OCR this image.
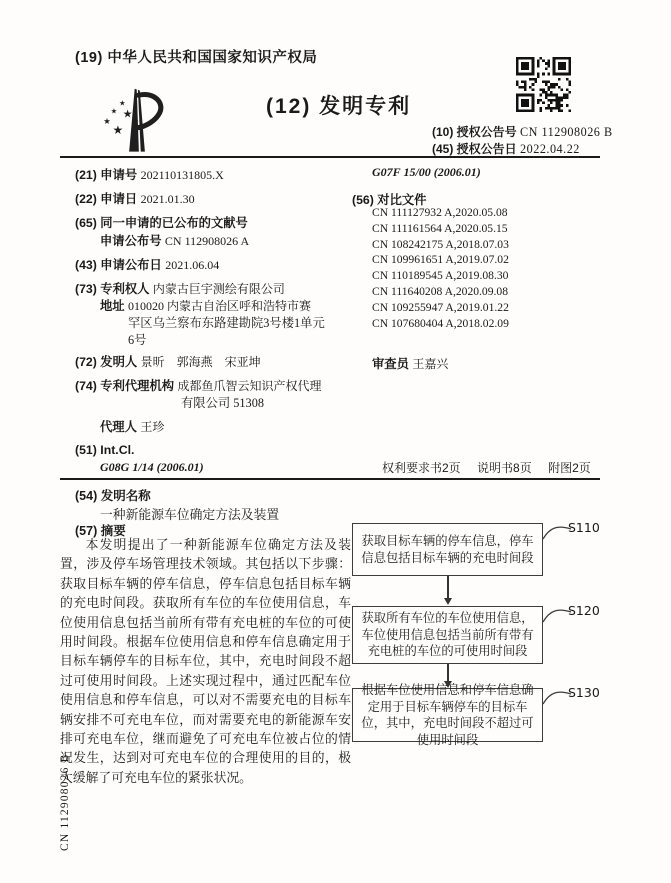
(19) 中华人民共和国国家知识产权局
★
★ ★
★
★
(12) 发明专利
(10) 授权公告号 CN 112908026 B
(45) 授权公告日 2022.04.22
(21) 申请号 202110131805.X
(22) 申请日 2021.01.30
(65) 同一申请的已公布的文献号
申请公布号 CN 112908026 A
(43) 申请公布日 2021.06.04
(73) 专利权人 内蒙古巨宇测绘有限公司
地址 010020 内蒙古自治区呼和浩特市赛
罕区乌兰察布东路建勘院3号楼1单元
6号
(72) 发明人 景昕　郭海燕　宋亚坤
(74) 专利代理机构 成都鱼爪智云知识产权代理
有限公司 51308
代理人 王珍
(51) Int.Cl.
G08G 1/14 (2006.01)
G07F 15/00 (2006.01)
(56) 对比文件
CN 111127932 A,2020.05.08
CN 111161564 A,2020.05.15
CN 108242175 A,2018.07.03
CN 109961651 A,2019.07.02
CN 110189545 A,2019.08.30
CN 111640208 A,2020.09.08
CN 109255947 A,2019.01.22
CN 107680404 A,2018.02.09
审查员 王嘉兴
权利要求书2页 说明书8页 附图2页
(54) 发明名称
一种新能源车位确定方法及装置
(57) 摘要
本发明提出了一种新能源车位确定方法及装置，涉及停车场管理技术领域。其包括以下步骤：获取目标车辆的停车信息，停车信息包括目标车辆的充电时间段。获取所有车位的车位使用信息，车位使用信息包括当前所有带有充电桩的车位的可使用时间段。根据车位使用信息和停车信息确定用于目标车辆停车的目标车位，其中，充电时间段不超过可使用时间段。上述实现过程中，通过匹配车位使用信息和停车信息，可以对不需要充电的目标车辆安排不可充电车位，而对需要充电的新能源车安排可充电车位，继而避免了可充电车位被占位的情况发生，达到对可充电车位的合理使用的目的，极大缓解了可充电车位的紧张状况。
获取目标车辆的停车信息，停车信息包括目标车辆的充电时间段
S110
获取所有车位的车位使用信息，车位使用信息包括当前所有带有充电桩的车位的可使用时间段
S120
根据车位使用信息和停车信息确定用于目标车辆停车的目标车位，其中，充电时间段不超过可使用时间段
S130
CN 112908026 B
